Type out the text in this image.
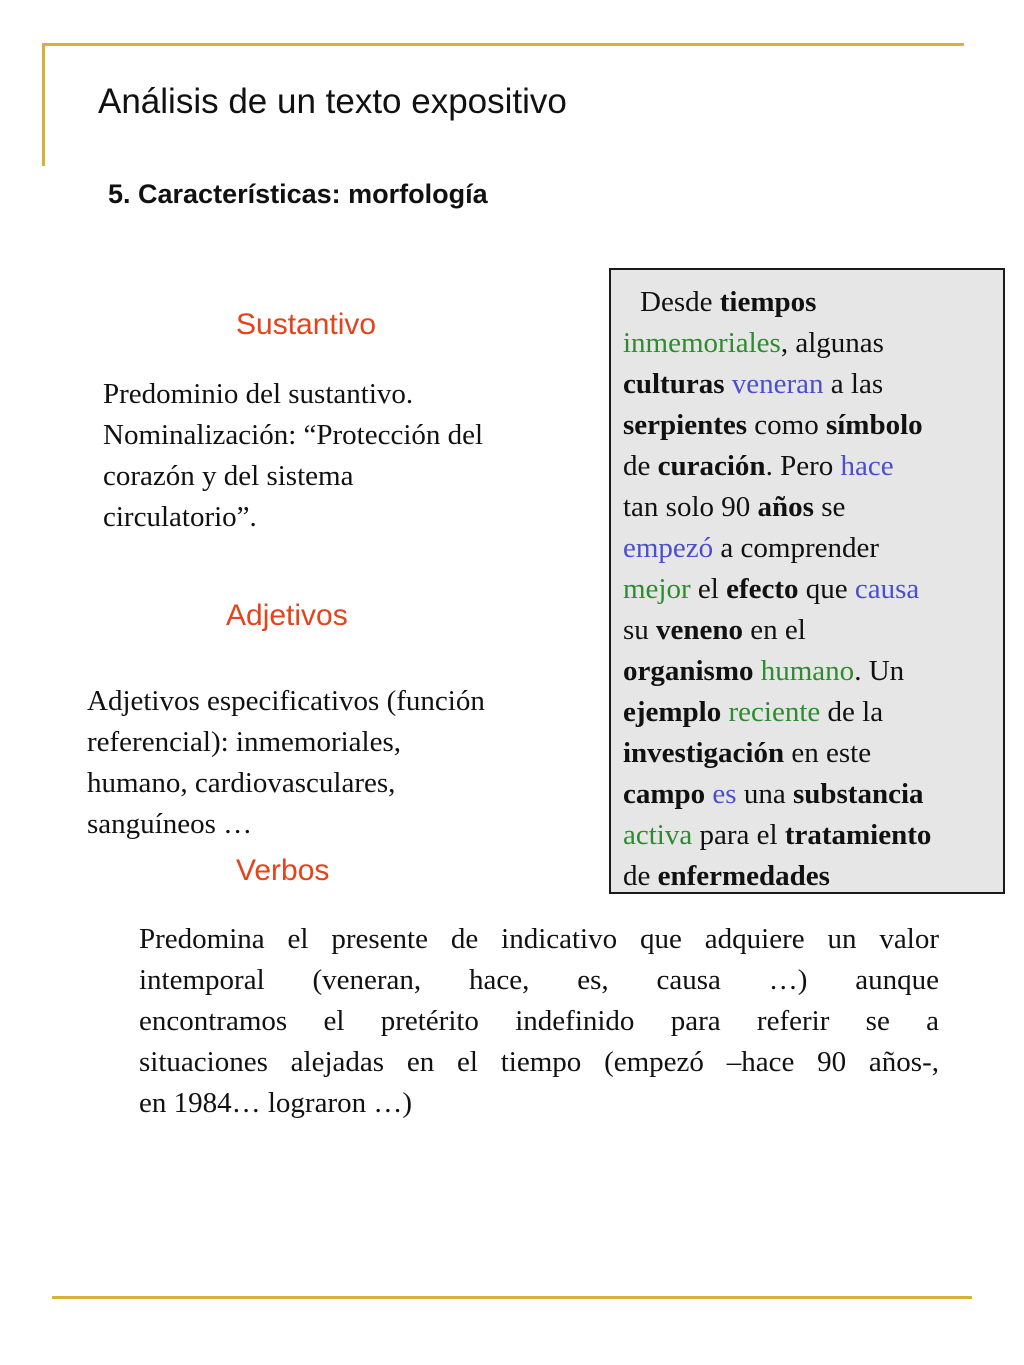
Análisis de un texto expositivo
5. Características: morfología
Sustantivo
Predominio del sustantivo.
Nominalización: “Protección del
corazón y del sistema
circulatorio”.
Adjetivos
Adjetivos especificativos (función
referencial): inmemoriales,
humano, cardiovasculares,
sanguíneos …
Verbos
Predomina el presente de indicativo que adquiere un valor
intemporal (veneran, hace, es, causa …) aunque
encontramos el pretérito indefinido para referir se a
situaciones alejadas en el tiempo (empezó –hace 90 años-,
en 1984… lograron …)
Desde tiempos
inmemoriales, algunas
culturas veneran a las
serpientes como símbolo
de curación. Pero hace
tan solo 90 años se
empezó a comprender
mejor el efecto que causa
su veneno en el
organismo humano. Un
ejemplo reciente de la
investigación en este
campo es una substancia
activa para el tratamiento
de enfermedades
